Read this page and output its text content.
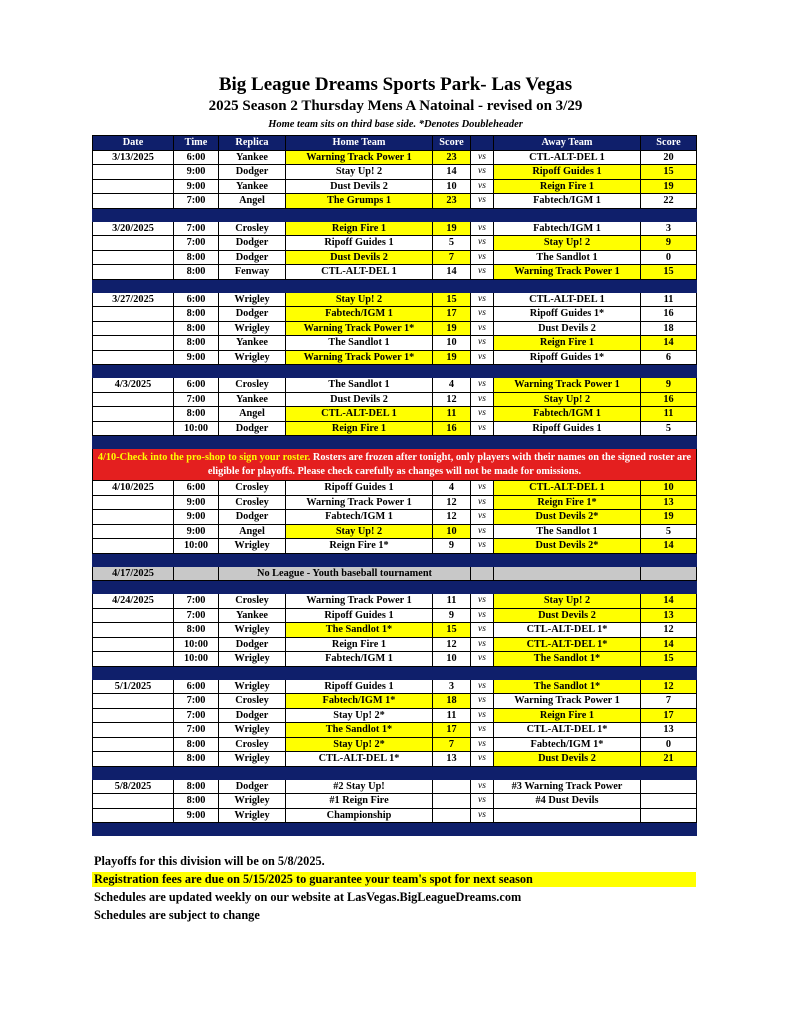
Big League Dreams Sports Park- Las Vegas
2025 Season 2 Thursday Mens A Natoinal - revised on 3/29
Home team sits on third base side. *Denotes Doubleheader
Date	Time	Replica	Home Team	Score		Away Team	Score
3/13/2025	6:00	Yankee	Warning Track Power 1	23	vs	CTL-ALT-DEL 1	20
	9:00	Dodger	Stay Up! 2	14	vs	Ripoff Guides 1	15
	9:00	Yankee	Dust Devils 2	10	vs	Reign Fire 1	19
	7:00	Angel	The Grumps 1	23	vs	Fabtech/IGM 1	22

3/20/2025	7:00	Crosley	Reign Fire 1	19	vs	Fabtech/IGM 1	3
	7:00	Dodger	Ripoff Guides 1	5	vs	Stay Up! 2	9
	8:00	Dodger	Dust Devils 2	7	vs	The Sandlot 1	0
	8:00	Fenway	CTL-ALT-DEL 1	14	vs	Warning Track Power 1	15

3/27/2025	6:00	Wrigley	Stay Up! 2	15	vs	CTL-ALT-DEL 1	11
	8:00	Dodger	Fabtech/IGM 1	17	vs	Ripoff Guides 1*	16
	8:00	Wrigley	Warning Track Power 1*	19	vs	Dust Devils 2	18
	8:00	Yankee	The Sandlot 1	10	vs	Reign Fire 1	14
	9:00	Wrigley	Warning Track Power 1*	19	vs	Ripoff Guides 1*	6

4/3/2025	6:00	Crosley	The Sandlot 1	4	vs	Warning Track Power 1	9
	7:00	Yankee	Dust Devils 2	12	vs	Stay Up! 2	16
	8:00	Angel	CTL-ALT-DEL 1	11	vs	Fabtech/IGM 1	11
	10:00	Dodger	Reign Fire 1	16	vs	Ripoff Guides 1	5

4/10-Check into the pro-shop to sign your roster. Rosters are frozen after tonight, only players with their names on the signed roster are eligible for playoffs. Please check carefully as changes will not be made for omissions.							
4/10/2025	6:00	Crosley	Ripoff Guides 1	4	vs	CTL-ALT-DEL 1	10
	9:00	Crosley	Warning Track Power 1	12	vs	Reign Fire 1*	13
	9:00	Dodger	Fabtech/IGM 1	12	vs	Dust Devils 2*	19
	9:00	Angel	Stay Up! 2	10	vs	The Sandlot 1	5
	10:00	Wrigley	Reign Fire 1*	9	vs	Dust Devils 2*	14

4/17/2025		No League - Youth baseball tournament					

4/24/2025	7:00	Crosley	Warning Track Power 1	11	vs	Stay Up! 2	14
	7:00	Yankee	Ripoff Guides 1	9	vs	Dust Devils 2	13
	8:00	Wrigley	The Sandlot 1*	15	vs	CTL-ALT-DEL 1*	12
	10:00	Dodger	Reign Fire 1	12	vs	CTL-ALT-DEL 1*	14
	10:00	Wrigley	Fabtech/IGM 1	10	vs	The Sandlot 1*	15

5/1/2025	6:00	Wrigley	Ripoff Guides 1	3	vs	The Sandlot 1*	12
	7:00	Crosley	Fabtech/IGM 1*	18	vs	Warning Track Power 1	7
	7:00	Dodger	Stay Up! 2*	11	vs	Reign Fire 1	17
	7:00	Wrigley	The Sandlot 1*	17	vs	CTL-ALT-DEL 1*	13
	8:00	Crosley	Stay Up! 2*	7	vs	Fabtech/IGM 1*	0
	8:00	Wrigley	CTL-ALT-DEL 1*	13	vs	Dust Devils 2	21

5/8/2025	8:00	Dodger	#2 Stay Up!		vs	#3 Warning Track Power	
	8:00	Wrigley	#1 Reign Fire		vs	#4 Dust Devils	
	9:00	Wrigley	Championship		vs		

Playoffs for this division will be on 5/8/2025.
Registration fees are due on 5/15/2025 to guarantee your team's spot for next season
Schedules are updated weekly on our website at LasVegas.BigLeagueDreams.com
Schedules are subject to change
